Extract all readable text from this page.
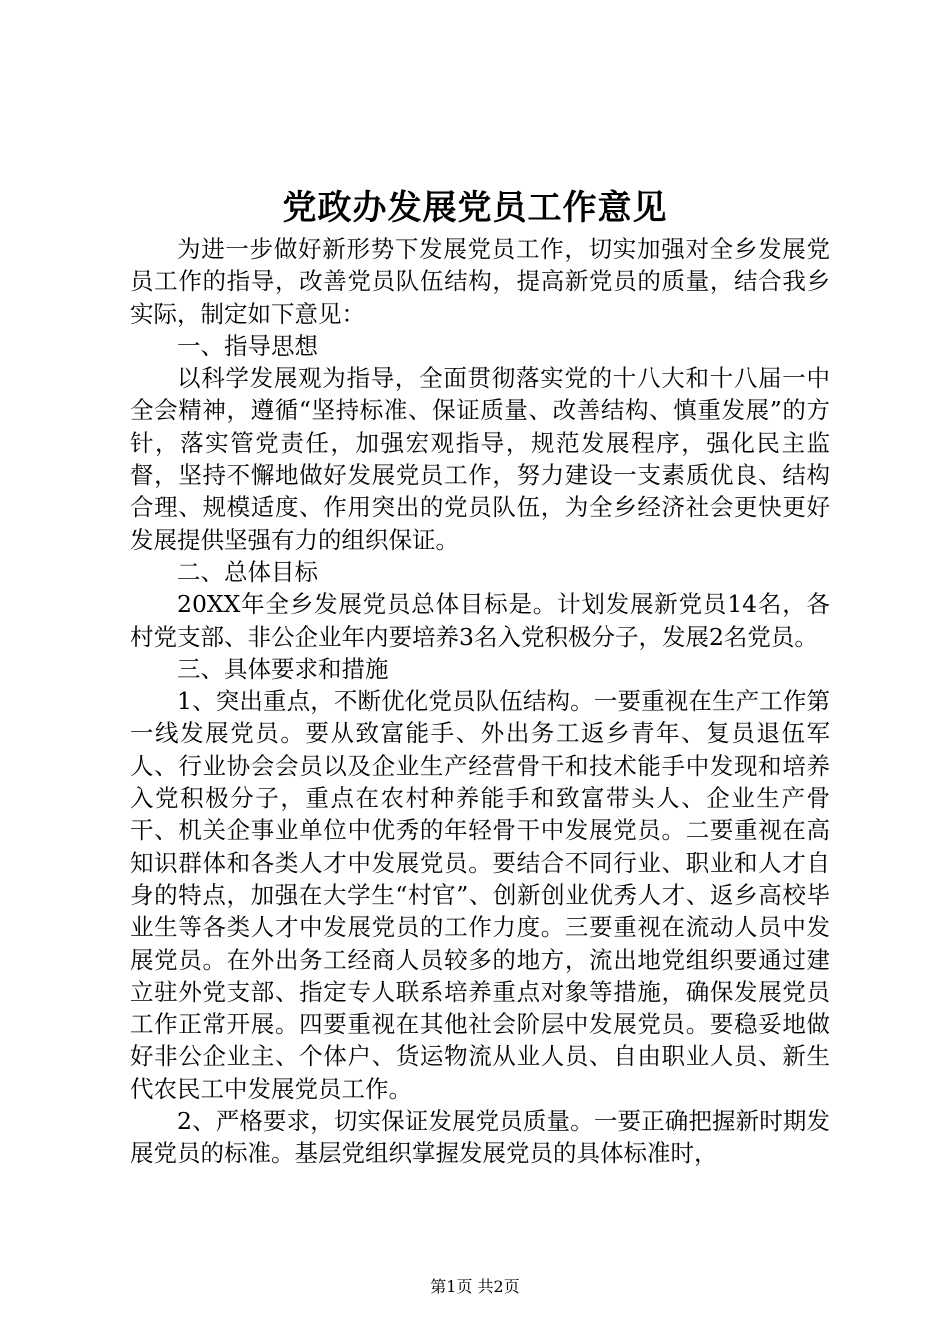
党政办发展党员工作意见

为进一步做好新形势下发展党员工作，切实加强对全乡发展党员工作的指导，改善党员队伍结构，提高新党员的质量，结合我乡实际，制定如下意见：

一、指导思想

以科学发展观为指导，全面贯彻落实党的十八大和十八届一中全会精神，遵循“坚持标准、保证质量、改善结构、慎重发展”的方针，落实管党责任，加强宏观指导，规范发展程序，强化民主监督，坚持不懈地做好发展党员工作，努力建设一支素质优良、结构合理、规模适度、作用突出的党员队伍，为全乡经济社会更快更好发展提供坚强有力的组织保证。

二、总体目标

20XX年全乡发展党员总体目标是。计划发展新党员14名，各村党支部、非公企业年内要培养3名入党积极分子，发展2名党员。

三、具体要求和措施

1、突出重点，不断优化党员队伍结构。一要重视在生产工作第一线发展党员。要从致富能手、外出务工返乡青年、复员退伍军人、行业协会会员以及企业生产经营骨干和技术能手中发现和培养入党积极分子，重点在农村种养能手和致富带头人、企业生产骨干、机关企事业单位中优秀的年轻骨干中发展党员。二要重视在高知识群体和各类人才中发展党员。要结合不同行业、职业和人才自身的特点，加强在大学生“村官”、创新创业优秀人才、返乡高校毕业生等各类人才中发展党员的工作力度。三要重视在流动人员中发展党员。在外出务工经商人员较多的地方，流出地党组织要通过建立驻外党支部、指定专人联系培养重点对象等措施，确保发展党员工作正常开展。四要重视在其他社会阶层中发展党员。要稳妥地做好非公企业主、个体户、货运物流从业人员、自由职业人员、新生代农民工中发展党员工作。

2、严格要求，切实保证发展党员质量。一要正确把握新时期发展党员的标准。基层党组织掌握发展党员的具体标准时，

第1页 共2页
